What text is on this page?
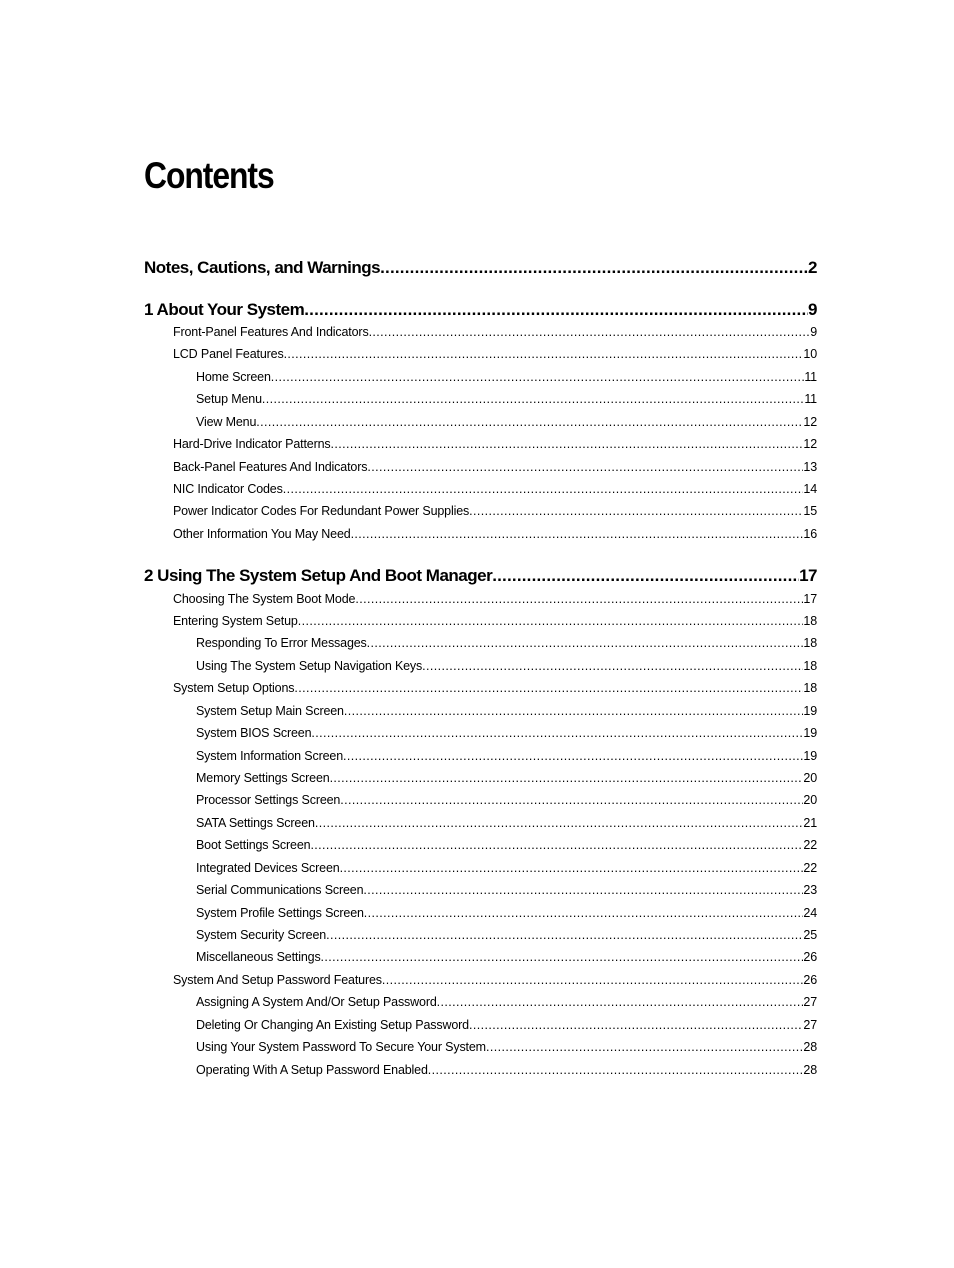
Contents
Notes, Cautions, and Warnings .....	2
1 About Your System .....	9
Front-Panel Features And Indicators .....	9
LCD Panel Features .....	10
Home Screen .....	11
Setup Menu .....	11
View Menu .....	12
Hard-Drive Indicator Patterns .....	12
Back-Panel Features And Indicators .....	13
NIC Indicator Codes .....	14
Power Indicator Codes For Redundant Power Supplies .....	15
Other Information You May Need .....	16
2 Using The System Setup And Boot Manager .....	17
Choosing The System Boot Mode .....	17
Entering System Setup .....	18
Responding To Error Messages .....	18
Using The System Setup Navigation Keys .....	18
System Setup Options .....	18
System Setup Main Screen .....	19
System BIOS Screen .....	19
System Information Screen .....	19
Memory Settings Screen .....	20
Processor Settings Screen .....	20
SATA Settings Screen .....	21
Boot Settings Screen .....	22
Integrated Devices Screen .....	22
Serial Communications Screen .....	23
System Profile Settings Screen .....	24
System Security Screen .....	25
Miscellaneous Settings .....	26
System And Setup Password Features .....	26
Assigning A System And/Or Setup Password .....	27
Deleting Or Changing An Existing Setup Password .....	27
Using Your System Password To Secure Your System .....	28
Operating With A Setup Password Enabled .....	28
